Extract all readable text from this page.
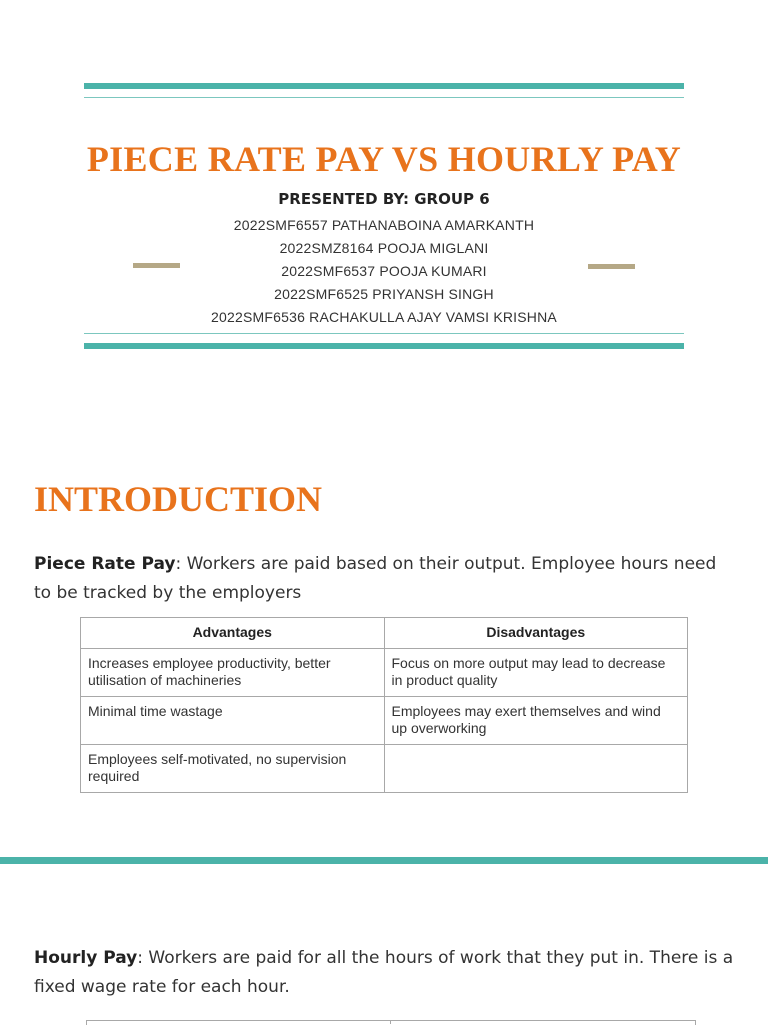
PIECE RATE PAY VS HOURLY PAY
PRESENTED BY: GROUP 6
2022SMF6557 PATHANABOINA AMARKANTH
2022SMZ8164 POOJA MIGLANI
2022SMF6537 POOJA KUMARI
2022SMF6525 PRIYANSH SINGH
2022SMF6536 RACHAKULLA AJAY VAMSI KRISHNA
INTRODUCTION
Piece Rate Pay: Workers are paid based on their output. Employee hours need to be tracked by the employers
Advantages	Disadvantages
Increases employee productivity, better utilisation of machineries	Focus on more output may lead to decrease in product quality
Minimal time wastage	Employees may exert themselves and wind up overworking
Employees self-motivated, no supervision required	
Hourly Pay: Workers are paid for all the hours of work that they put in. There is a fixed wage rate for each hour.
